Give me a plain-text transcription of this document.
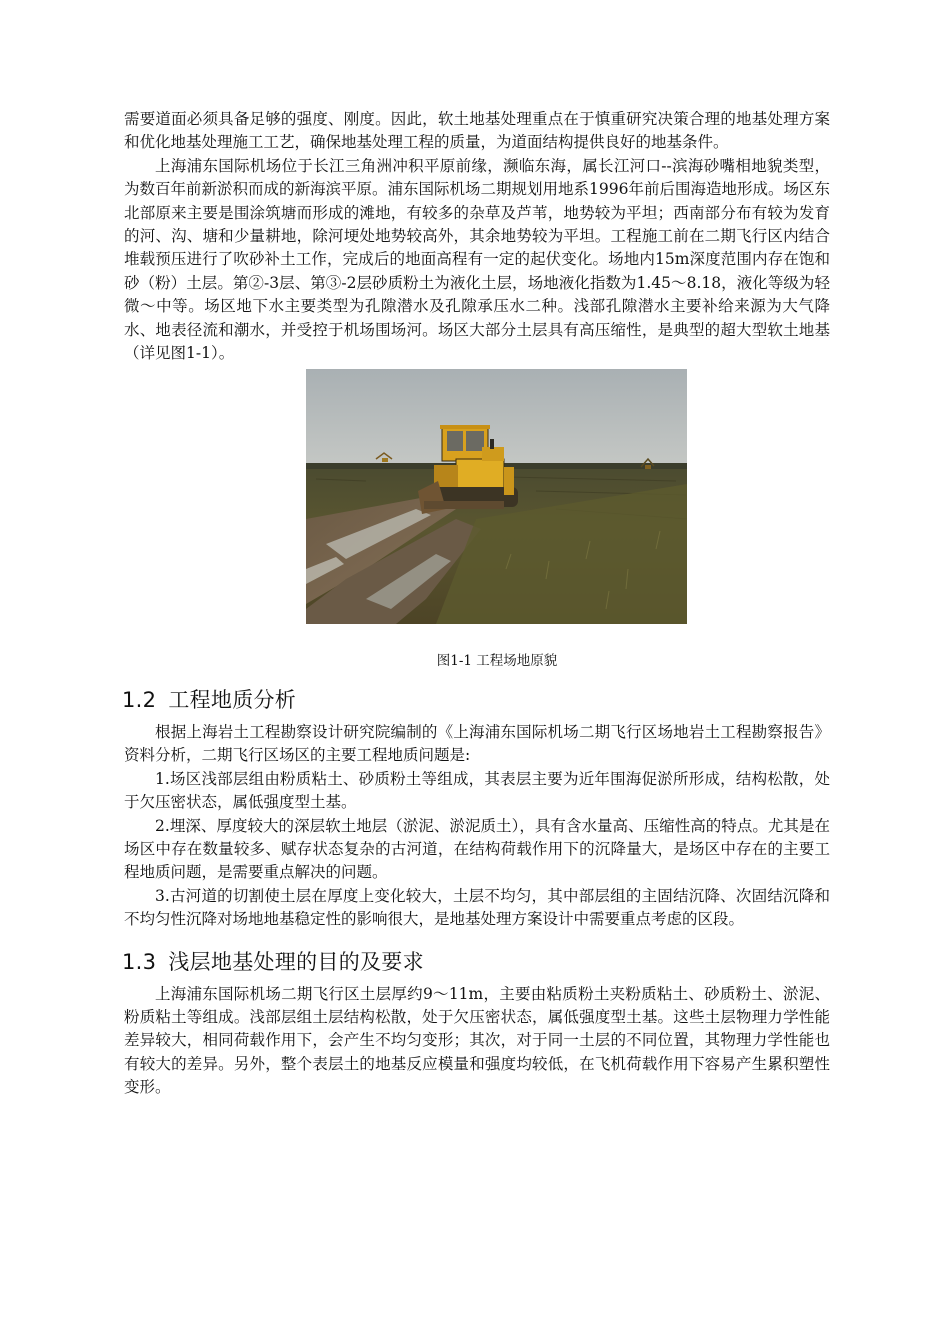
需要道面必须具备足够的强度、刚度。因此，软土地基处理重点在于慎重研究决策合理的地基处理方案和优化地基处理施工工艺，确保地基处理工程的质量，为道面结构提供良好的地基条件。

上海浦东国际机场位于长江三角洲冲积平原前缘，濒临东海，属长江河口--滨海砂嘴相地貌类型，为数百年前新淤积而成的新海滨平原。浦东国际机场二期规划用地系1996年前后围海造地形成。场区东北部原来主要是围涂筑塘而形成的滩地，有较多的杂草及芦苇，地势较为平坦；西南部分布有较为发育的河、沟、塘和少量耕地，除河埂处地势较高外，其余地势较为平坦。工程施工前在二期飞行区内结合堆载预压进行了吹砂补土工作，完成后的地面高程有一定的起伏变化。场地内15m深度范围内存在饱和砂（粉）土层。第②-3层、第③-2层砂质粉土为液化土层，场地液化指数为1.45～8.18，液化等级为轻微～中等。场区地下水主要类型为孔隙潜水及孔隙承压水二种。浅部孔隙潜水主要补给来源为大气降水、地表径流和潮水，并受控于机场围场河。场区大部分土层具有高压缩性，是典型的超大型软土地基（详见图1-1）。

图1-1 工程场地原貌
1.2 工程地质分析

根据上海岩土工程勘察设计研究院编制的《上海浦东国际机场二期飞行区场地岩土工程勘察报告》资料分析，二期飞行区场区的主要工程地质问题是:

1.场区浅部层组由粉质粘土、砂质粉土等组成，其表层主要为近年围海促淤所形成，结构松散，处于欠压密状态，属低强度型土基。

2.埋深、厚度较大的深层软土地层（淤泥、淤泥质土），具有含水量高、压缩性高的特点。尤其是在场区中存在数量较多、赋存状态复杂的古河道，在结构荷载作用下的沉降量大，是场区中存在的主要工程地质问题，是需要重点解决的问题。

3.古河道的切割使土层在厚度上变化较大，土层不均匀，其中部层组的主固结沉降、次固结沉降和不均匀性沉降对场地地基稳定性的影响很大，是地基处理方案设计中需要重点考虑的区段。

1.3 浅层地基处理的目的及要求

上海浦东国际机场二期飞行区土层厚约9～11m，主要由粘质粉土夹粉质粘土、砂质粉土、淤泥、粉质粘土等组成。浅部层组土层结构松散，处于欠压密状态，属低强度型土基。这些土层物理力学性能差异较大，相同荷载作用下，会产生不均匀变形；其次，对于同一土层的不同位置，其物理力学性能也有较大的差异。另外，整个表层土的地基反应模量和强度均较低，在飞机荷载作用下容易产生累积塑性变形。
